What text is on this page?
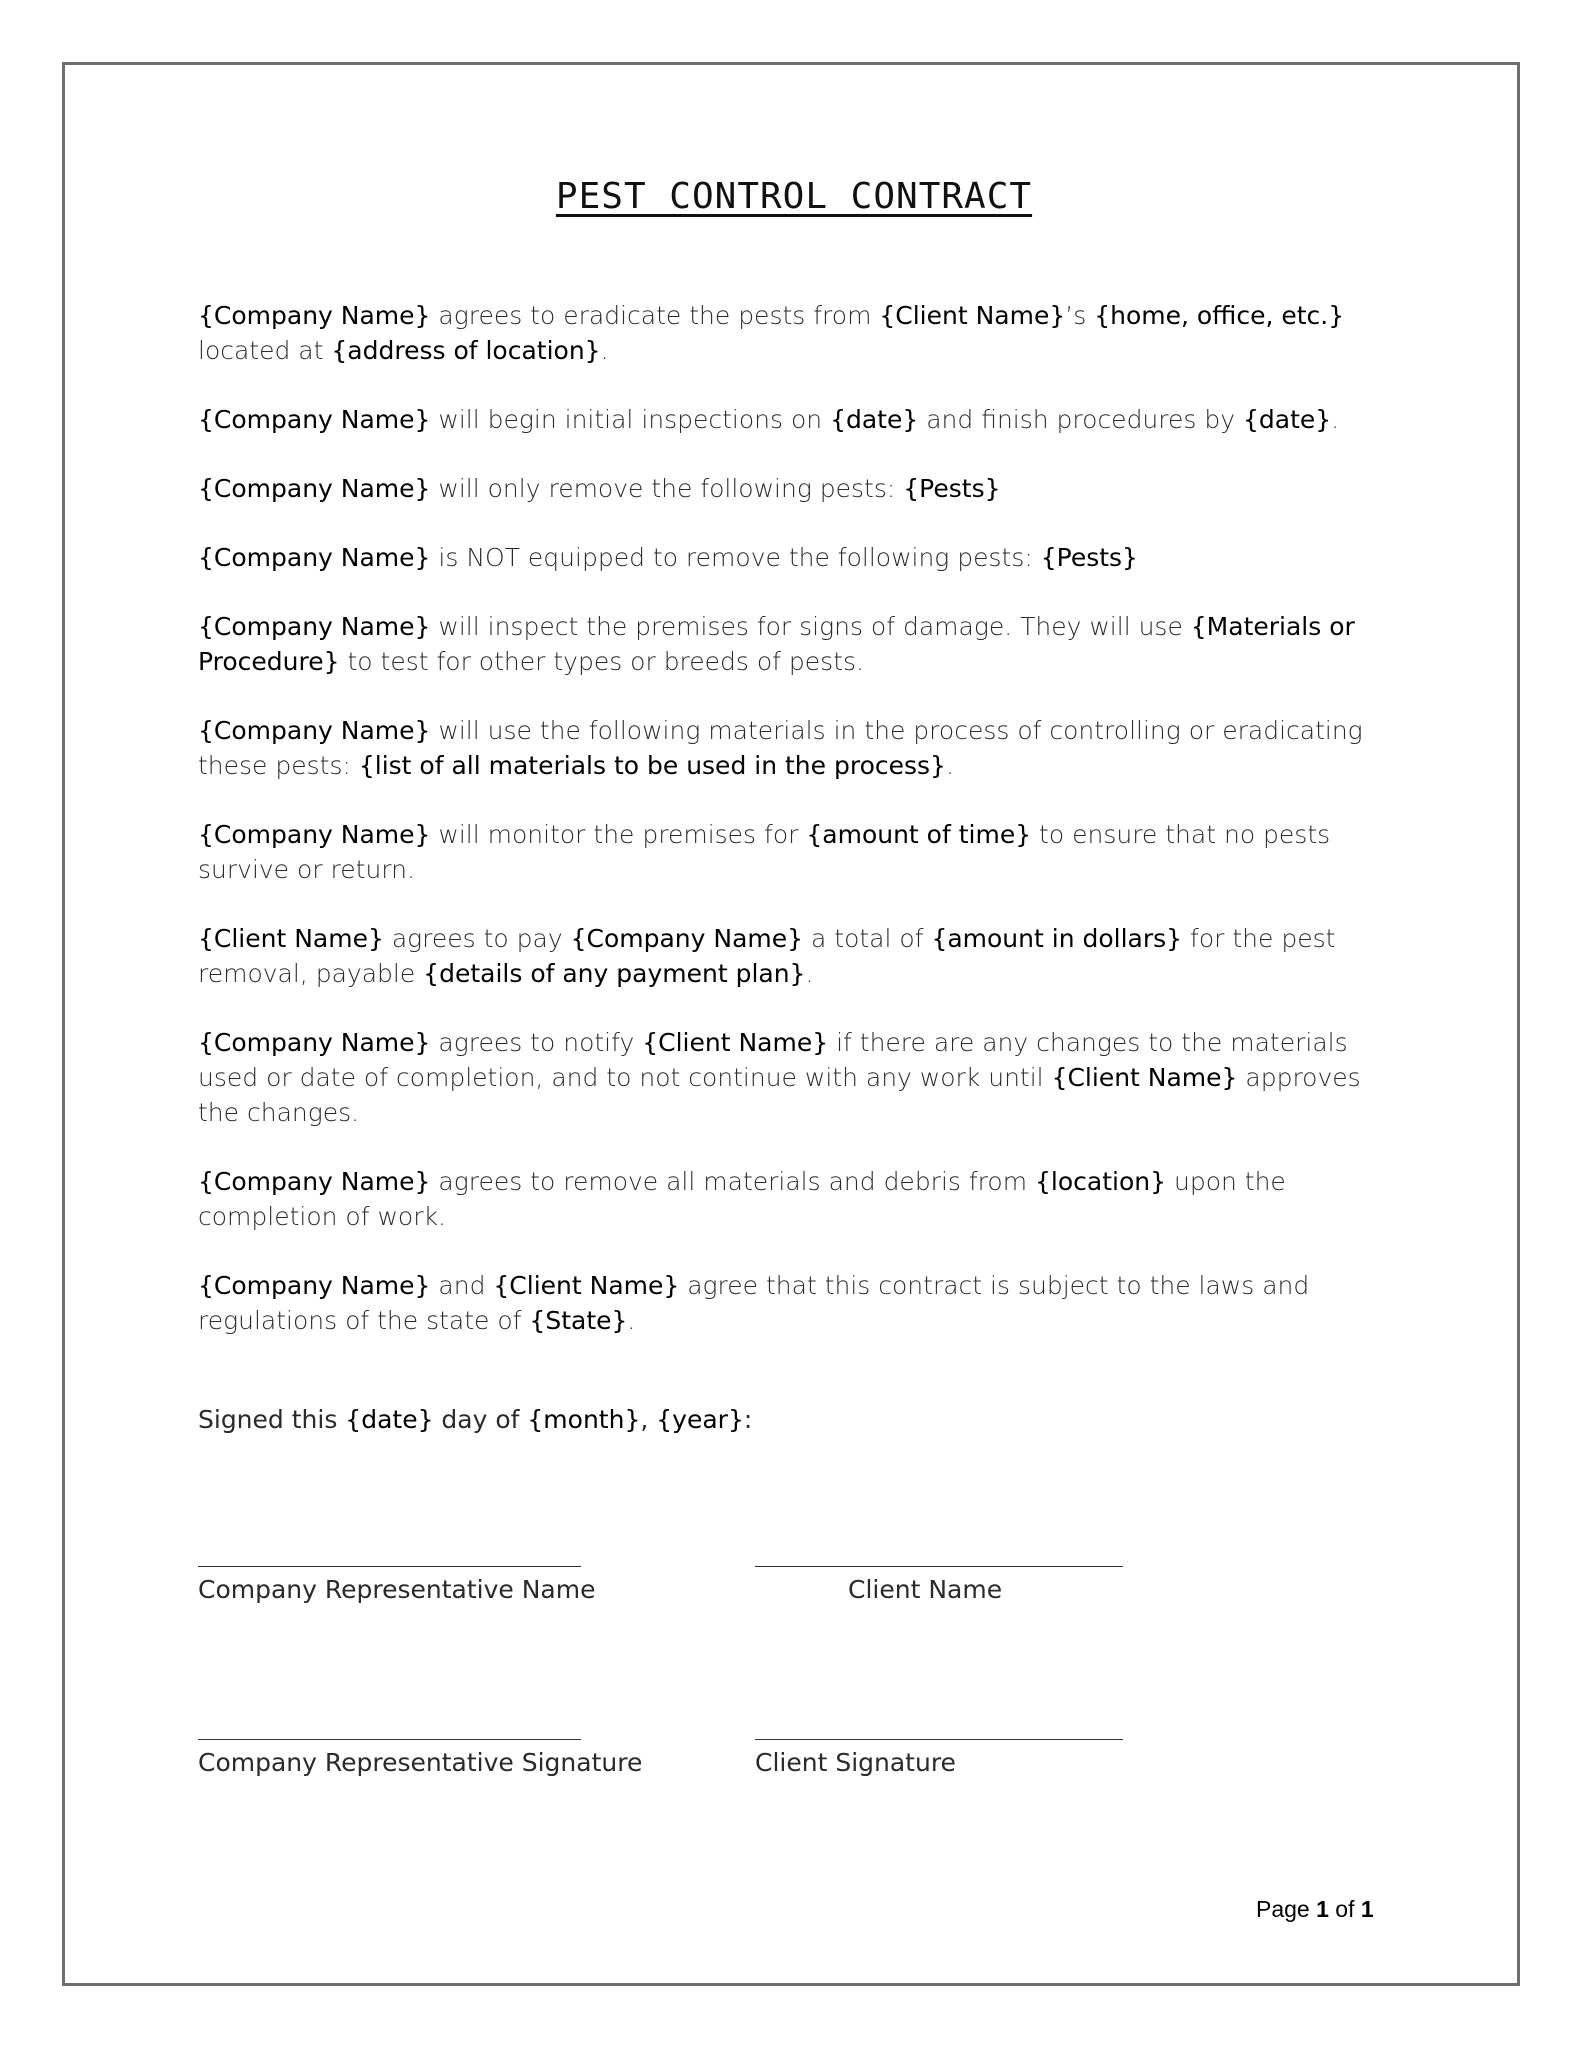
PEST CONTROL CONTRACT

{Company Name} agrees to eradicate the pests from {Client Name}’s {home, office, etc.} located at {address of location}.

{Company Name} will begin initial inspections on {date} and finish procedures by {date}.

{Company Name} will only remove the following pests: {Pests}

{Company Name} is NOT equipped to remove the following pests: {Pests}

{Company Name} will inspect the premises for signs of damage. They will use {Materials or Procedure} to test for other types or breeds of pests.

{Company Name} will use the following materials in the process of controlling or eradicating these pests: {list of all materials to be used in the process}.

{Company Name} will monitor the premises for {amount of time} to ensure that no pests survive or return.

{Client Name} agrees to pay {Company Name} a total of {amount in dollars} for the pest removal, payable {details of any payment plan}.

{Company Name} agrees to notify {Client Name} if there are any changes to the materials used or date of completion, and to not continue with any work until {Client Name} approves the changes.

{Company Name} agrees to remove all materials and debris from {location} upon the completion of work.

{Company Name} and {Client Name} agree that this contract is subject to the laws and regulations of the state of {State}.

Signed this {date} day of {month}, {year}:
Company Representative Name	Client Name
Company Representative Signature	Client Signature
Page 1 of 1
